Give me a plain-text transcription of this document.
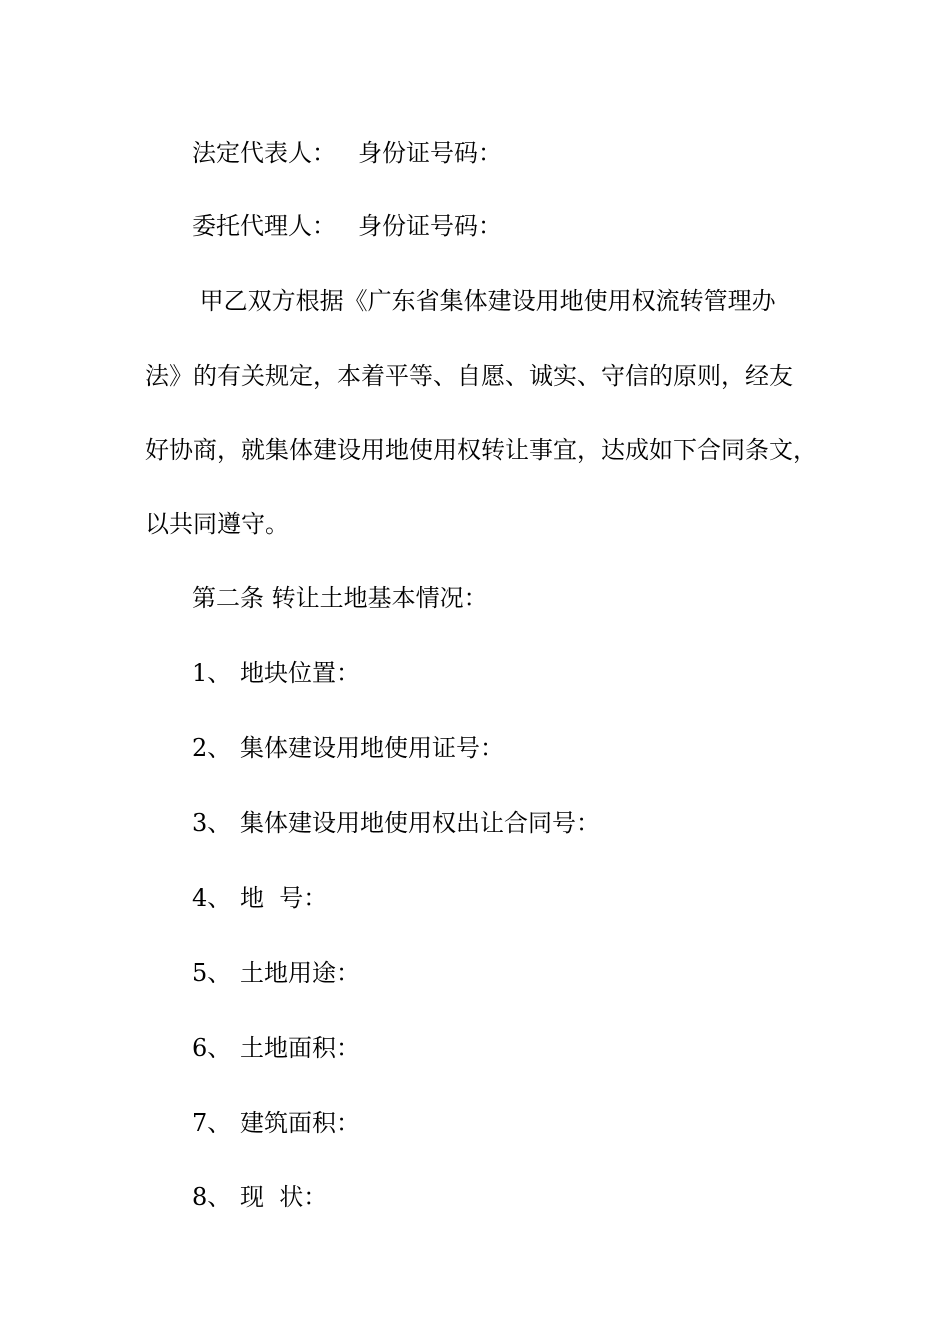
法定代表人： 身份证号码：
委托代理人： 身份证号码：
甲乙双方根据《广东省集体建设用地使用权流转管理办
法》的有关规定，本着平等、自愿、诚实、守信的原则，经友
好协商，就集体建设用地使用权转让事宜，达成如下合同条文，
以共同遵守。
第二条 转让土地基本情况：
1、 地块位置：
2、 集体建设用地使用证号：
3、 集体建设用地使用权出让合同号：
4、 地  号：
5、 土地用途：
6、 土地面积：
7、 建筑面积：
8、 现  状：
